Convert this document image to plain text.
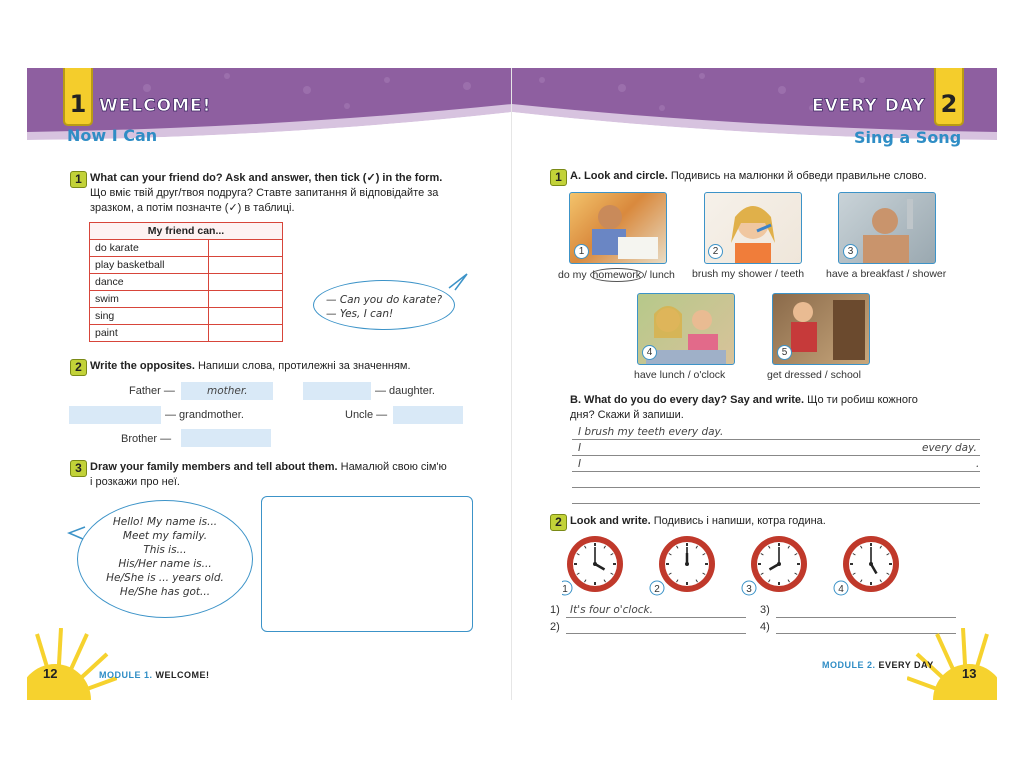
1 WELCOME!
Now I Can
1 What can your friend do? Ask and answer, then tick (✓) in the form.
Що вміє твій друг/твоя подруга? Ставте запитання й відповідайте за
зразком, а потім позначте (✓) в таблиці.
My friend can...	
do karate	
play basketball	
dance	
swim	
sing	
paint	
— Can you do karate?
— Yes, I can!
2 Write the opposites. Напиши слова, протилежні за значенням.
Father —	mother.	— daughter.
— grandmother.	Uncle —
Brother —
3 Draw your family members and tell about them. Намалюй свою сім'ю
і розкажи про неї.
Hello! My name is...
Meet my family.
This is...
His/Her name is...
He/She is ... years old.
He/She has got...
12	MODULE 1. WELCOME!
EVERY DAY 2
Sing a Song
1 A. Look and circle. Подивись на малюнки й обведи правильне слово.
1
do my homework / lunch
2
brush my shower / teeth
3
have a breakfast / shower
4
have lunch / o'clock
5
get dressed / school
B. What do you do every day? Say and write. Що ти робиш кожного
дня? Скажи й запиши.
I brush my teeth every day.
I	every day.
I	.
2 Look and write. Подивись і напиши, котра година.
1	2	3	4
1) It's four o'clock.	3)
2)	4)
13
MODULE 2. EVERY DAY
